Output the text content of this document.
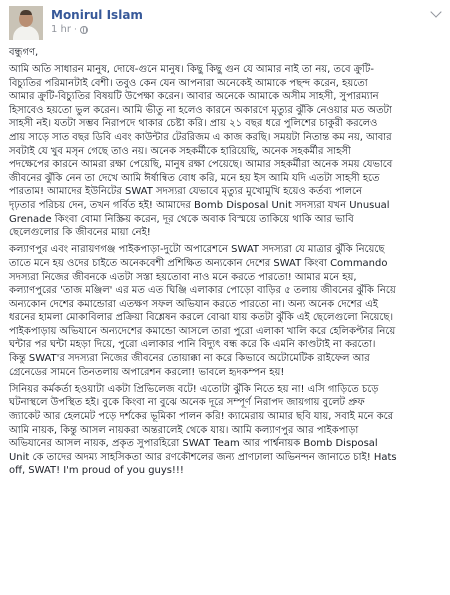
Monirul Islam
1 hr ·

বন্ধুগণ,

আমি অতি সাধারন মানুষ, দোষে-গুনে মানুষ। কিছু কিছু গুন যে আমার নাই তা নয়, তবে ক্রুটি-
বিচ্যুতির পরিমানটাই বেশী। তবুও কেন যেন আপনারা অনেকেই আমাকে পছন্দ করেন, হয়তো
আমার ক্রুটি-বিচ্যুতির বিষয়টি উপেক্ষা করেন। আবার অনেকে আমাকে অসীম সাহসী, সুপারম্যান
হিসাবেও হয়তো ভুল করেন। আমি ভীতু না হলেও কারনে অকারণে মৃত্যুর ঝুঁকি নেওয়ার মত অতটা
সাহসী নই। যতটা সম্ভব নিরাপদে থাকার চেষ্টা করি। প্রায় ২১ বছর ধরে পুলিশের চাকুরী করলেও
প্রায় সাড়ে সাত বছর ডিবি এবং কাউন্টার টেররিজম এ কাজ করছি। সময়টা নিতান্ত কম নয়, আবার
সবটাই যে খুব মসৃন গেছে তাও নয়। অনেক সহকর্মীকে হারিয়েছি, অনেক সহকর্মীর সাহসী
পদক্ষেপের কারনে আমরা রক্ষা পেয়েছি, মানুষ রক্ষা পেয়েছে। আমার সহকর্মীরা অনেক সময় যেভাবে
জীবনের ঝুঁকি নেন তা দেখে আমি ঈর্ষান্বিত বোধ করি, মনে হয় ইস আমি যদি এতটা সাহসী হতে
পারতাম! আমাদের ইউনিটের SWAT সদস্যরা যেভাবে মৃত্যুর মুখোমুখি হয়েও কর্তব্য পালনে
দৃঢ়তার পরিচয় দেন, তখন গর্বিত হই! আমাদের Bomb Disposal Unit সদস্যরা যখন Unusual
Grenade কিংবা বোমা নিস্ক্রিয় করেন, দূর থেকে অবাক বিস্ময়ে তাকিয়ে থাকি আর ভাবি
ছেলেগুলোর কি জীবনের মায়া নেই!

কল্যাণপুর এবং নারায়ণগঞ্জ পাইকপাড়া-দুটো অপারেশনে SWAT সদস্যরা যে মাত্রার ঝুঁকি নিয়েছে
তাতে মনে হয় ওদের চাইতে অনেকবেশী প্রশিক্ষিত অন্যকোন দেশের SWAT কিংবা Commando
সদস্যরা নিজের জীবনকে এতটা সস্তা হয়তোবা নাও মনে করতে পারতো! আমার মনে হয়,
কল্যাণপুরের 'তাজ মঞ্জিল' এর মত এত ঘিঞ্জি এলাকার পোড়ো বাড়ির ৫ তলায় জীবনের ঝুঁকি নিয়ে
অন্যকোন দেশের কমান্ডোরা এতক্ষণ সফল অভিযান করতে পারতো না। অন্য অনেক দেশের এই
ধরনের হামলা মোকাবিলার প্রক্রিয়া বিশ্লেষন করলে বোঝা যায় কতটা ঝুঁকি এই ছেলেগুলো নিয়েছে।
পাইকপাড়ায় অভিযানে অন্যদেশের কমান্ডো আসলে তারা পুরো এলাকা খালি করে হেলিকপ্টার নিয়ে
ঘন্টার পর ঘন্টা মহড়া দিয়ে, পুরো এলাকার পানি বিদ্যুৎ বন্ধ করে কি এমনি কাণ্ডটাই না করতো।
কিন্তু SWAT'র সদস্যরা নিজের জীবনের তোয়াক্কা না করে কিভাবে অটোমেটিক রাইফেল আর
গ্রেনেডের সামনে তিনতলায় অপারেশন করলো! ভাবলে হৃদকম্পন হয়!

সিনিয়র কর্মকর্তা হওয়াটা একটা প্রিভিলেজ বটে! এতোটা ঝুঁকি নিতে হয় না! এসি গাড়িতে চড়ে
ঘটনাস্থলে উপস্থিত হই। বুকে কিংবা না বুঝে অনেক দূরে সম্পূর্ণ নিরাপদ জায়গায় বুলেট প্রুফ
জ্যাকেট আর হেলমেট পড়ে দর্শকের ভূমিকা পালন করি! ক্যামেরায় আমার ছবি যায়, সবাই মনে করে
আমি নায়ক, কিন্তু আসল নায়করা অন্তরালেই থেকে যায়। আমি কল্যাণপুর আর পাইকপাড়া
অভিযানের আসল নায়ক, প্রকৃত সুপারহিরো SWAT Team আর পার্শ্বনায়ক Bomb Disposal
Unit কে তাদের অদম্য সাহসিকতা আর রণকৌশলের জন্য প্রাণঢালা অভিনন্দন জানাতে চাই! Hats
off, SWAT! I'm proud of you guys!!!
